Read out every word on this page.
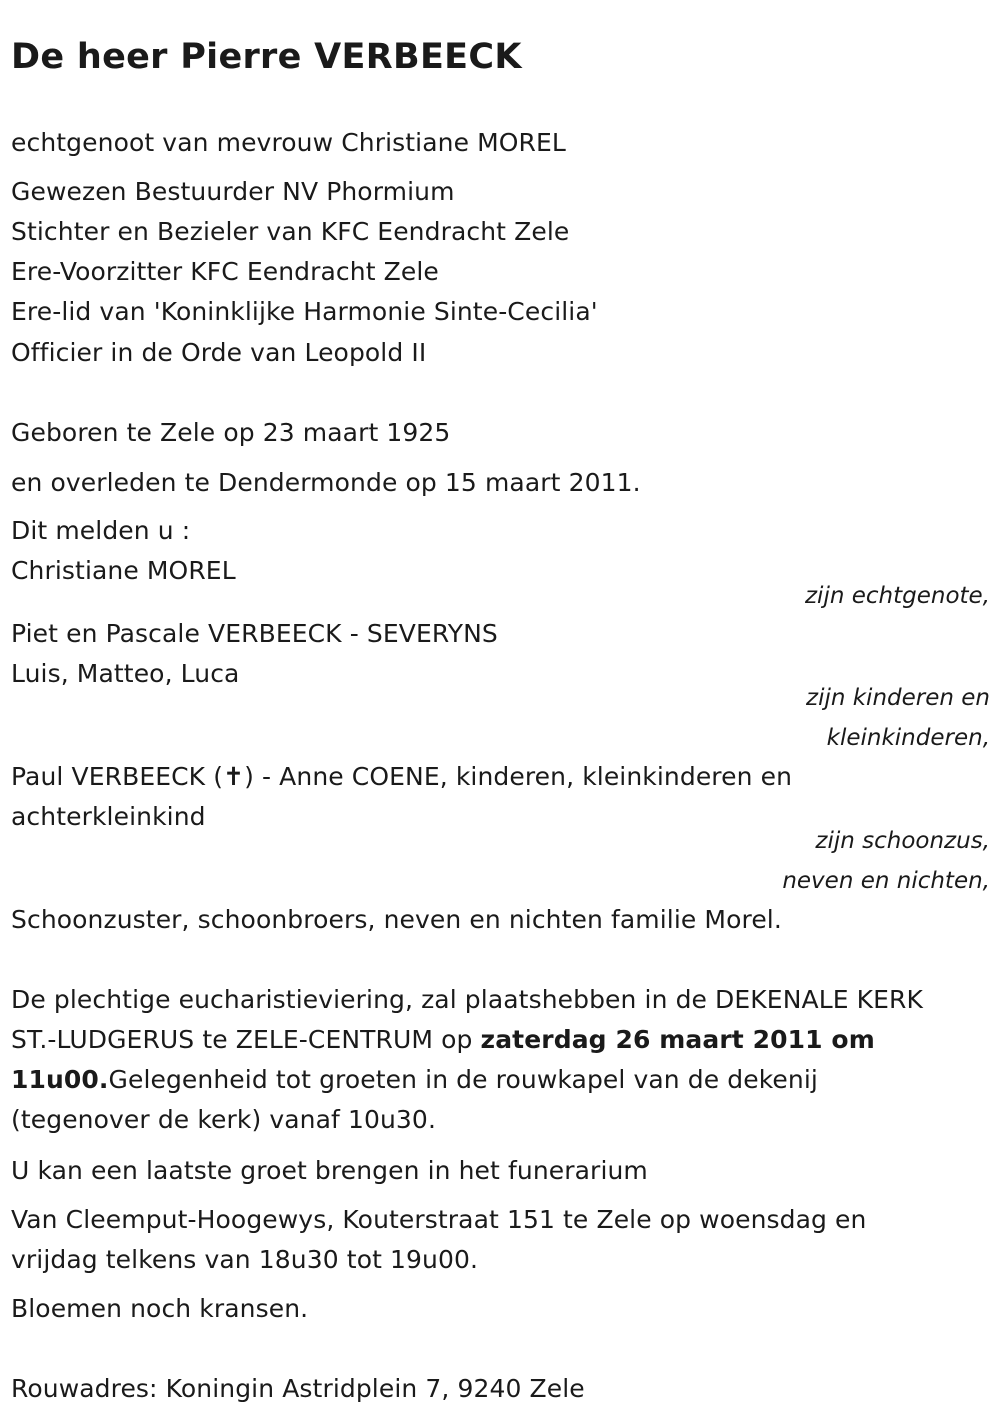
De heer Pierre VERBEECK
echtgenoot van mevrouw Christiane MOREL
Gewezen Bestuurder NV Phormium
Stichter en Bezieler van KFC Eendracht Zele
Ere-Voorzitter KFC Eendracht Zele
Ere-lid van 'Koninklijke Harmonie Sinte-Cecilia'
Officier in de Orde van Leopold II
Geboren te Zele op 23 maart 1925
en overleden te Dendermonde op 15 maart 2011.
Dit melden u :
Christiane MOREL
zijn echtgenote,
Piet en Pascale VERBEECK - SEVERYNS
Luis, Matteo, Luca
zijn kinderen en
kleinkinderen,
Paul VERBEECK (✝) - Anne COENE, kinderen, kleinkinderen en
achterkleinkind
zijn schoonzus,
neven en nichten,
Schoonzuster, schoonbroers, neven en nichten familie Morel.
De plechtige eucharistieviering, zal plaatshebben in de DEKENALE KERK
ST.-LUDGERUS te ZELE-CENTRUM op zaterdag 26 maart 2011 om
11u00.Gelegenheid tot groeten in de rouwkapel van de dekenij
(tegenover de kerk) vanaf 10u30.
U kan een laatste groet brengen in het funerarium
Van Cleemput-Hoogewys, Kouterstraat 151 te Zele op woensdag en
vrijdag telkens van 18u30 tot 19u00.
Bloemen noch kransen.
Rouwadres: Koningin Astridplein 7, 9240 Zele
